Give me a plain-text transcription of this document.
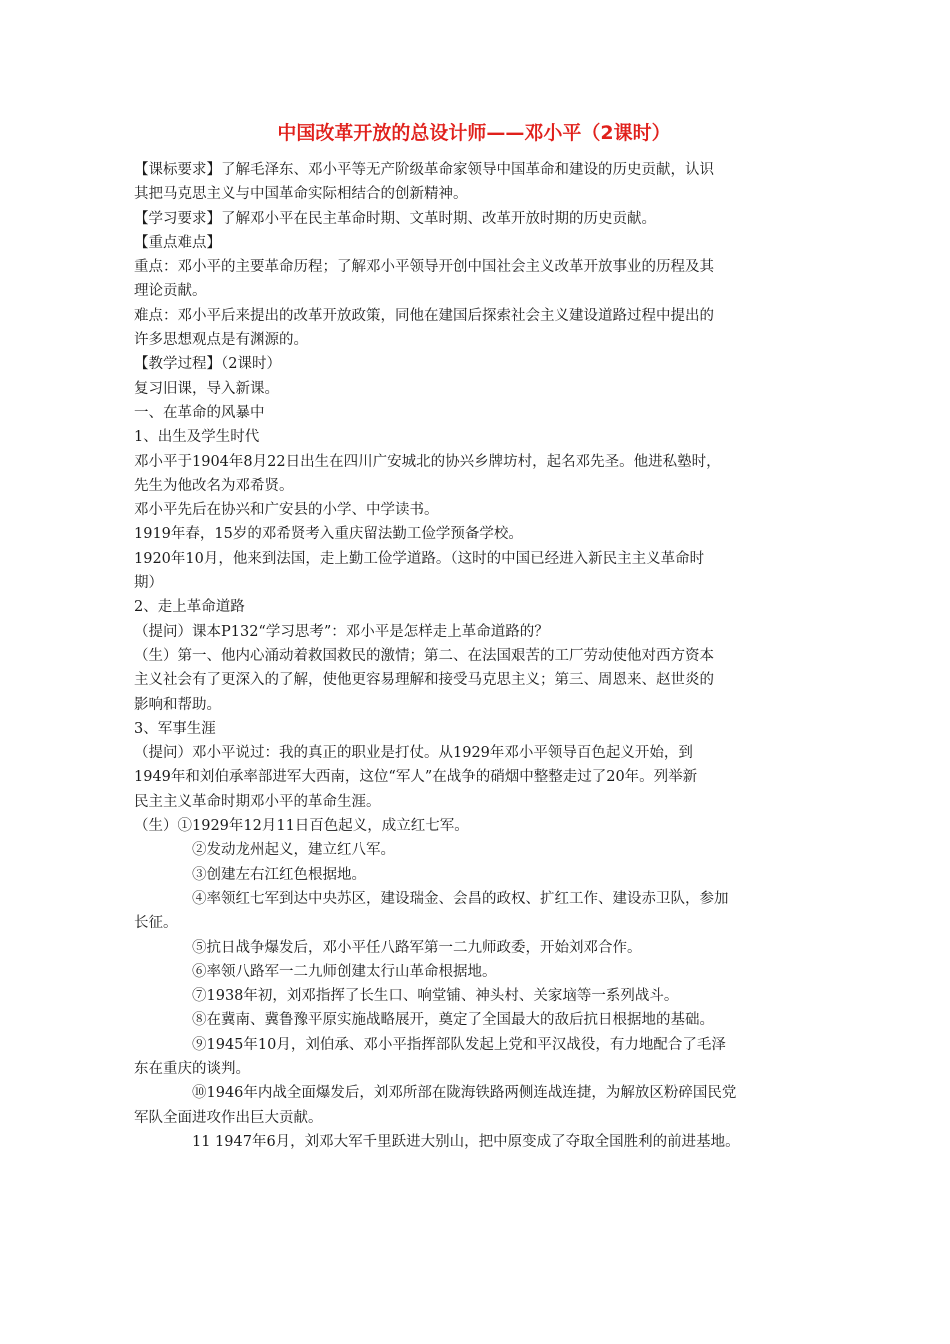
中国改革开放的总设计师——邓小平（2课时）
【课标要求】了解毛泽东、邓小平等无产阶级革命家领导中国革命和建设的历史贡献，认识
其把马克思主义与中国革命实际相结合的创新精神。
【学习要求】了解邓小平在民主革命时期、文革时期、改革开放时期的历史贡献。
【重点难点】
重点：邓小平的主要革命历程；了解邓小平领导开创中国社会主义改革开放事业的历程及其
理论贡献。
难点：邓小平后来提出的改革开放政策，同他在建国后探索社会主义建设道路过程中提出的
许多思想观点是有渊源的。
【教学过程】（2课时）
复习旧课，导入新课。
一、在革命的风暴中
1、出生及学生时代
邓小平于1904年8月22日出生在四川广安城北的协兴乡牌坊村，起名邓先圣。他进私塾时，
先生为他改名为邓希贤。
邓小平先后在协兴和广安县的小学、中学读书。
1919年春，15岁的邓希贤考入重庆留法勤工俭学预备学校。
1920年10月，他来到法国，走上勤工俭学道路。（这时的中国已经进入新民主主义革命时
期）
2、走上革命道路
（提问）课本P132“学习思考”：邓小平是怎样走上革命道路的？
（生）第一、他内心涌动着救国救民的激情；第二、在法国艰苦的工厂劳动使他对西方资本
主义社会有了更深入的了解，使他更容易理解和接受马克思主义；第三、周恩来、赵世炎的
影响和帮助。
3、军事生涯
（提问）邓小平说过：我的真正的职业是打仗。从1929年邓小平领导百色起义开始，到
1949年和刘伯承率部进军大西南，这位“军人”在战争的硝烟中整整走过了20年。列举新
民主主义革命时期邓小平的革命生涯。
（生）①1929年12月11日百色起义，成立红七军。
②发动龙州起义，建立红八军。
③创建左右江红色根据地。
④率领红七军到达中央苏区，建设瑞金、会昌的政权、扩红工作、建设赤卫队，参加
长征。
⑤抗日战争爆发后，邓小平任八路军第一二九师政委，开始刘邓合作。
⑥率领八路军一二九师创建太行山革命根据地。
⑦1938年初，刘邓指挥了长生口、响堂铺、神头村、关家垴等一系列战斗。
⑧在冀南、冀鲁豫平原实施战略展开，奠定了全国最大的敌后抗日根据地的基础。
⑨1945年10月，刘伯承、邓小平指挥部队发起上党和平汉战役，有力地配合了毛泽
东在重庆的谈判。
⑩1946年内战全面爆发后，刘邓所部在陇海铁路两侧连战连捷，为解放区粉碎国民党
军队全面进攻作出巨大贡献。
11 1947年6月，刘邓大军千里跃进大别山，把中原变成了夺取全国胜利的前进基地。
